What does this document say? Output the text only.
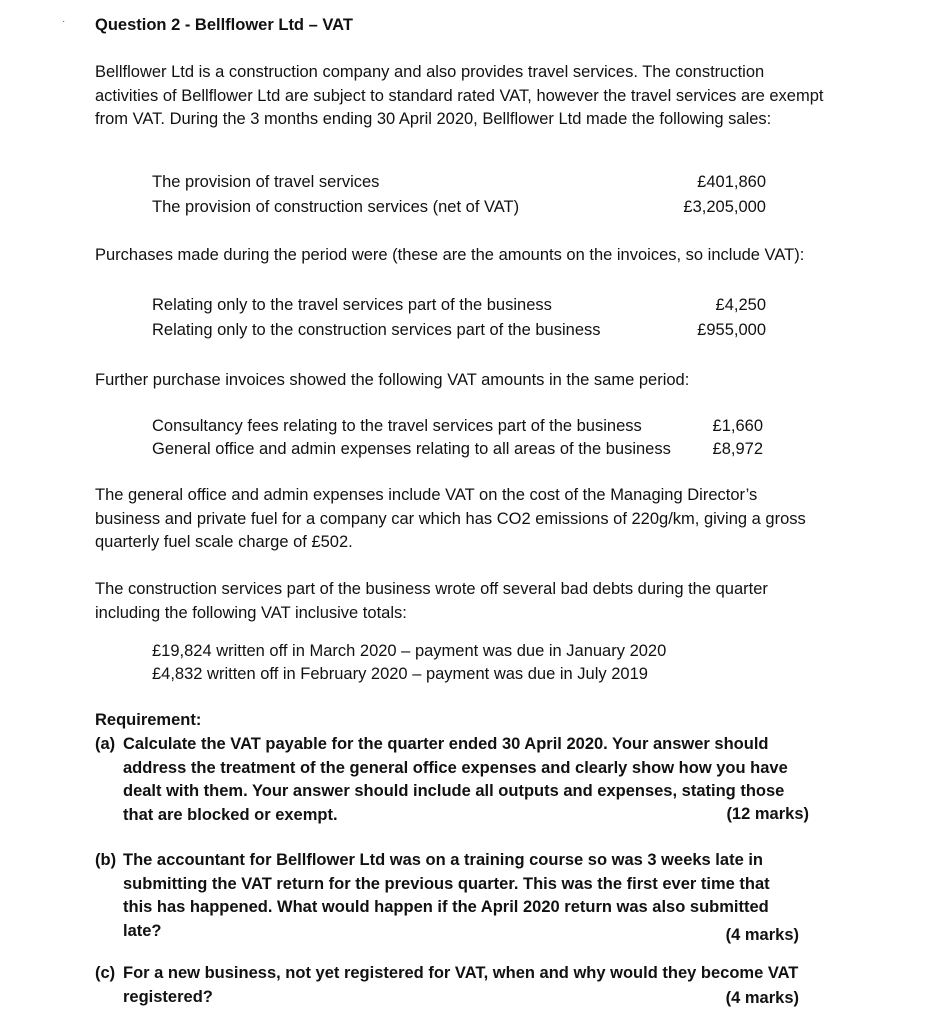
· Question 2 - Bellflower Ltd – VAT
Bellflower Ltd is a construction company and also provides travel services. The construction activities of Bellflower Ltd are subject to standard rated VAT, however the travel services are exempt from VAT. During the 3 months ending 30 April 2020, Bellflower Ltd made the following sales:
The provision of travel services	£401,860
The provision of construction services (net of VAT)	£3,205,000
Purchases made during the period were (these are the amounts on the invoices, so include VAT):
Relating only to the travel services part of the business	£4,250
Relating only to the construction services part of the business	£955,000
Further purchase invoices showed the following VAT amounts in the same period:
Consultancy fees relating to the travel services part of the business	£1,660
General office and admin expenses relating to all areas of the business	£8,972
The general office and admin expenses include VAT on the cost of the Managing Director’s business and private fuel for a company car which has CO2 emissions of 220g/km, giving a gross quarterly fuel scale charge of £502.
The construction services part of the business wrote off several bad debts during the quarter including the following VAT inclusive totals:
£19,824 written off in March 2020 – payment was due in January 2020
£4,832 written off in February 2020 – payment was due in July 2019
Requirement:
(a) Calculate the VAT payable for the quarter ended 30 April 2020. Your answer should address the treatment of the general office expenses and clearly show how you have dealt with them. Your answer should include all outputs and expenses, stating those that are blocked or exempt.	(12 marks)
(b) The accountant for Bellflower Ltd was on a training course so was 3 weeks late in submitting the VAT return for the previous quarter. This was the first ever time that this has happened. What would happen if the April 2020 return was also submitted late?	(4 marks)
(c) For a new business, not yet registered for VAT, when and why would they become VAT registered?	(4 marks)
